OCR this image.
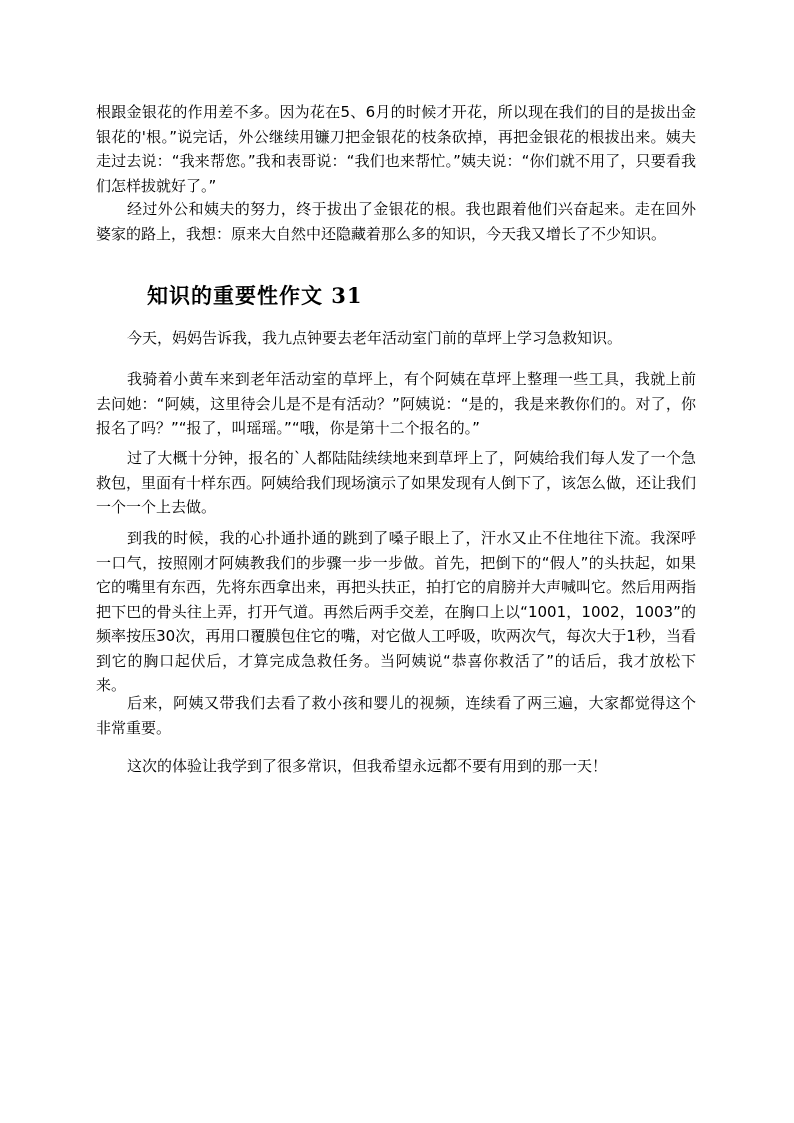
根跟金银花的作用差不多。因为花在5、6月的时候才开花，所以现在我们的目的是拔出金银花的'根。”说完话，外公继续用镰刀把金银花的枝条砍掉，再把金银花的根拔出来。姨夫走过去说：“我来帮您。”我和表哥说：“我们也来帮忙。”姨夫说：“你们就不用了，只要看我们怎样拔就好了。”

经过外公和姨夫的努力，终于拔出了金银花的根。我也跟着他们兴奋起来。走在回外婆家的路上，我想：原来大自然中还隐藏着那么多的知识，今天我又增长了不少知识。

知识的重要性作文 31

今天，妈妈告诉我，我九点钟要去老年活动室门前的草坪上学习急救知识。

我骑着小黄车来到老年活动室的草坪上，有个阿姨在草坪上整理一些工具，我就上前去问她：“阿姨，这里待会儿是不是有活动？”阿姨说：“是的，我是来教你们的。对了，你报名了吗？”“报了，叫瑶瑶。”“哦，你是第十二个报名的。”

过了大概十分钟，报名的`人都陆陆续续地来到草坪上了，阿姨给我们每人发了一个急救包，里面有十样东西。阿姨给我们现场演示了如果发现有人倒下了，该怎么做，还让我们一个一个上去做。

到我的时候，我的心扑通扑通的跳到了嗓子眼上了，汗水又止不住地往下流。我深呼一口气，按照刚才阿姨教我们的步骤一步一步做。首先，把倒下的“假人”的头扶起，如果它的嘴里有东西，先将东西拿出来，再把头扶正，拍打它的肩膀并大声喊叫它。然后用两指把下巴的骨头往上弄，打开气道。再然后两手交差，在胸口上以“1001，1002，1003”的频率按压30次，再用口覆膜包住它的嘴，对它做人工呼吸，吹两次气，每次大于1秒，当看到它的胸口起伏后，才算完成急救任务。当阿姨说“恭喜你救活了”的话后，我才放松下来。

后来，阿姨又带我们去看了救小孩和婴儿的视频，连续看了两三遍，大家都觉得这个非常重要。

这次的体验让我学到了很多常识，但我希望永远都不要有用到的那一天！
